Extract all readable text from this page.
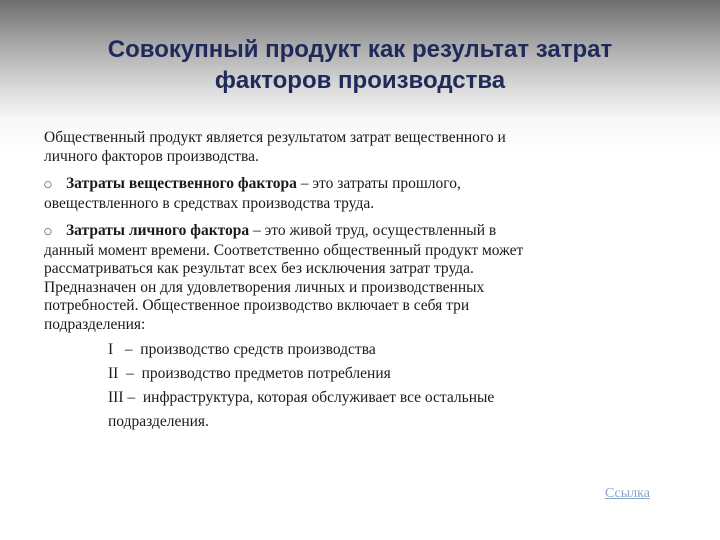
Совокупный продукт как результат затрат
факторов производства
Общественный продукт является результатом затрат вещественного и
личного факторов производства.
○ Затраты вещественного фактора – это затраты прошлого,
овеществленного в средствах производства труда.
○ Затраты личного фактора – это живой труд, осуществленный в
данный момент времени. Соответственно общественный продукт может
рассматриваться как результат всех без исключения затрат труда.
Предназначен он для удовлетворения личных и производственных
потребностей. Общественное производство включает в себя три
подразделения:
I   – производство средств производства
II  – производство предметов потребления
III – инфраструктура, которая обслуживает все остальные
подразделения.
Ссылка
